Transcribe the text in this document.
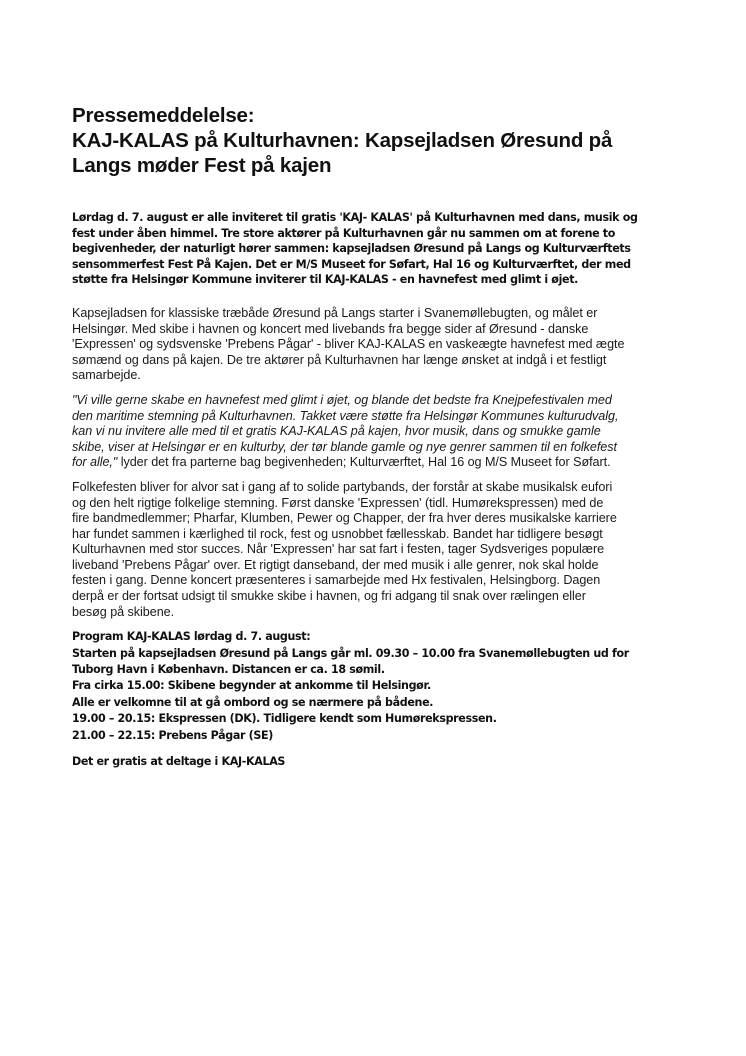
Pressemeddelelse:
KAJ-KALAS på Kulturhavnen: Kapsejladsen Øresund på
Langs møder Fest på kajen

Lørdag d. 7. august er alle inviteret til gratis 'KAJ- KALAS' på Kulturhavnen med dans, musik og
fest under åben himmel. Tre store aktører på Kulturhavnen går nu sammen om at forene to
begivenheder, der naturligt hører sammen: kapsejladsen Øresund på Langs og Kulturværftets
sensommerfest Fest På Kajen. Det er M/S Museet for Søfart, Hal 16 og Kulturværftet, der med
støtte fra Helsingør Kommune inviterer til KAJ-KALAS - en havnefest med glimt i øjet.

Kapsejladsen for klassiske træbåde Øresund på Langs starter i Svanemøllebugten, og målet er
Helsingør. Med skibe i havnen og koncert med livebands fra begge sider af Øresund - danske
'Expressen' og sydsvenske 'Prebens Pågar' - bliver KAJ-KALAS en vaskeægte havnefest med ægte
sømænd og dans på kajen. De tre aktører på Kulturhavnen har længe ønsket at indgå i et festligt
samarbejde.

"Vi ville gerne skabe en havnefest med glimt i øjet, og blande det bedste fra Knejpefestivalen med
den maritime stemning på Kulturhavnen. Takket være støtte fra Helsingør Kommunes kulturudvalg,
kan vi nu invitere alle med til et gratis KAJ-KALAS på kajen, hvor musik, dans og smukke gamle
skibe, viser at Helsingør er en kulturby, der tør blande gamle og nye genrer sammen til en folkefest
for alle," lyder det fra parterne bag begivenheden; Kulturværftet, Hal 16 og M/S Museet for Søfart.

Folkefesten bliver for alvor sat i gang af to solide partybands, der forstår at skabe musikalsk eufori
og den helt rigtige folkelige stemning. Først danske 'Expressen' (tidl. Humørekspressen) med de
fire bandmedlemmer; Pharfar, Klumben, Pewer og Chapper, der fra hver deres musikalske karriere
har fundet sammen i kærlighed til rock, fest og usnobbet fællesskab. Bandet har tidligere besøgt
Kulturhavnen med stor succes. Når 'Expressen' har sat fart i festen, tager Sydsveriges populære
liveband 'Prebens Pågar' over. Et rigtigt danseband, der med musik i alle genrer, nok skal holde
festen i gang. Denne koncert præsenteres i samarbejde med Hx festivalen, Helsingborg. Dagen
derpå er der fortsat udsigt til smukke skibe i havnen, og fri adgang til snak over rælingen eller
besøg på skibene.

Program KAJ-KALAS lørdag d. 7. august:
Starten på kapsejladsen Øresund på Langs går ml. 09.30 – 10.00 fra Svanemøllebugten ud for
Tuborg Havn i København. Distancen er ca. 18 sømil.
Fra cirka 15.00: Skibene begynder at ankomme til Helsingør.
Alle er velkomne til at gå ombord og se nærmere på bådene.
19.00 – 20.15: Ekspressen (DK). Tidligere kendt som Humørekspressen.
21.00 – 22.15: Prebens Pågar (SE)

Det er gratis at deltage i KAJ-KALAS
